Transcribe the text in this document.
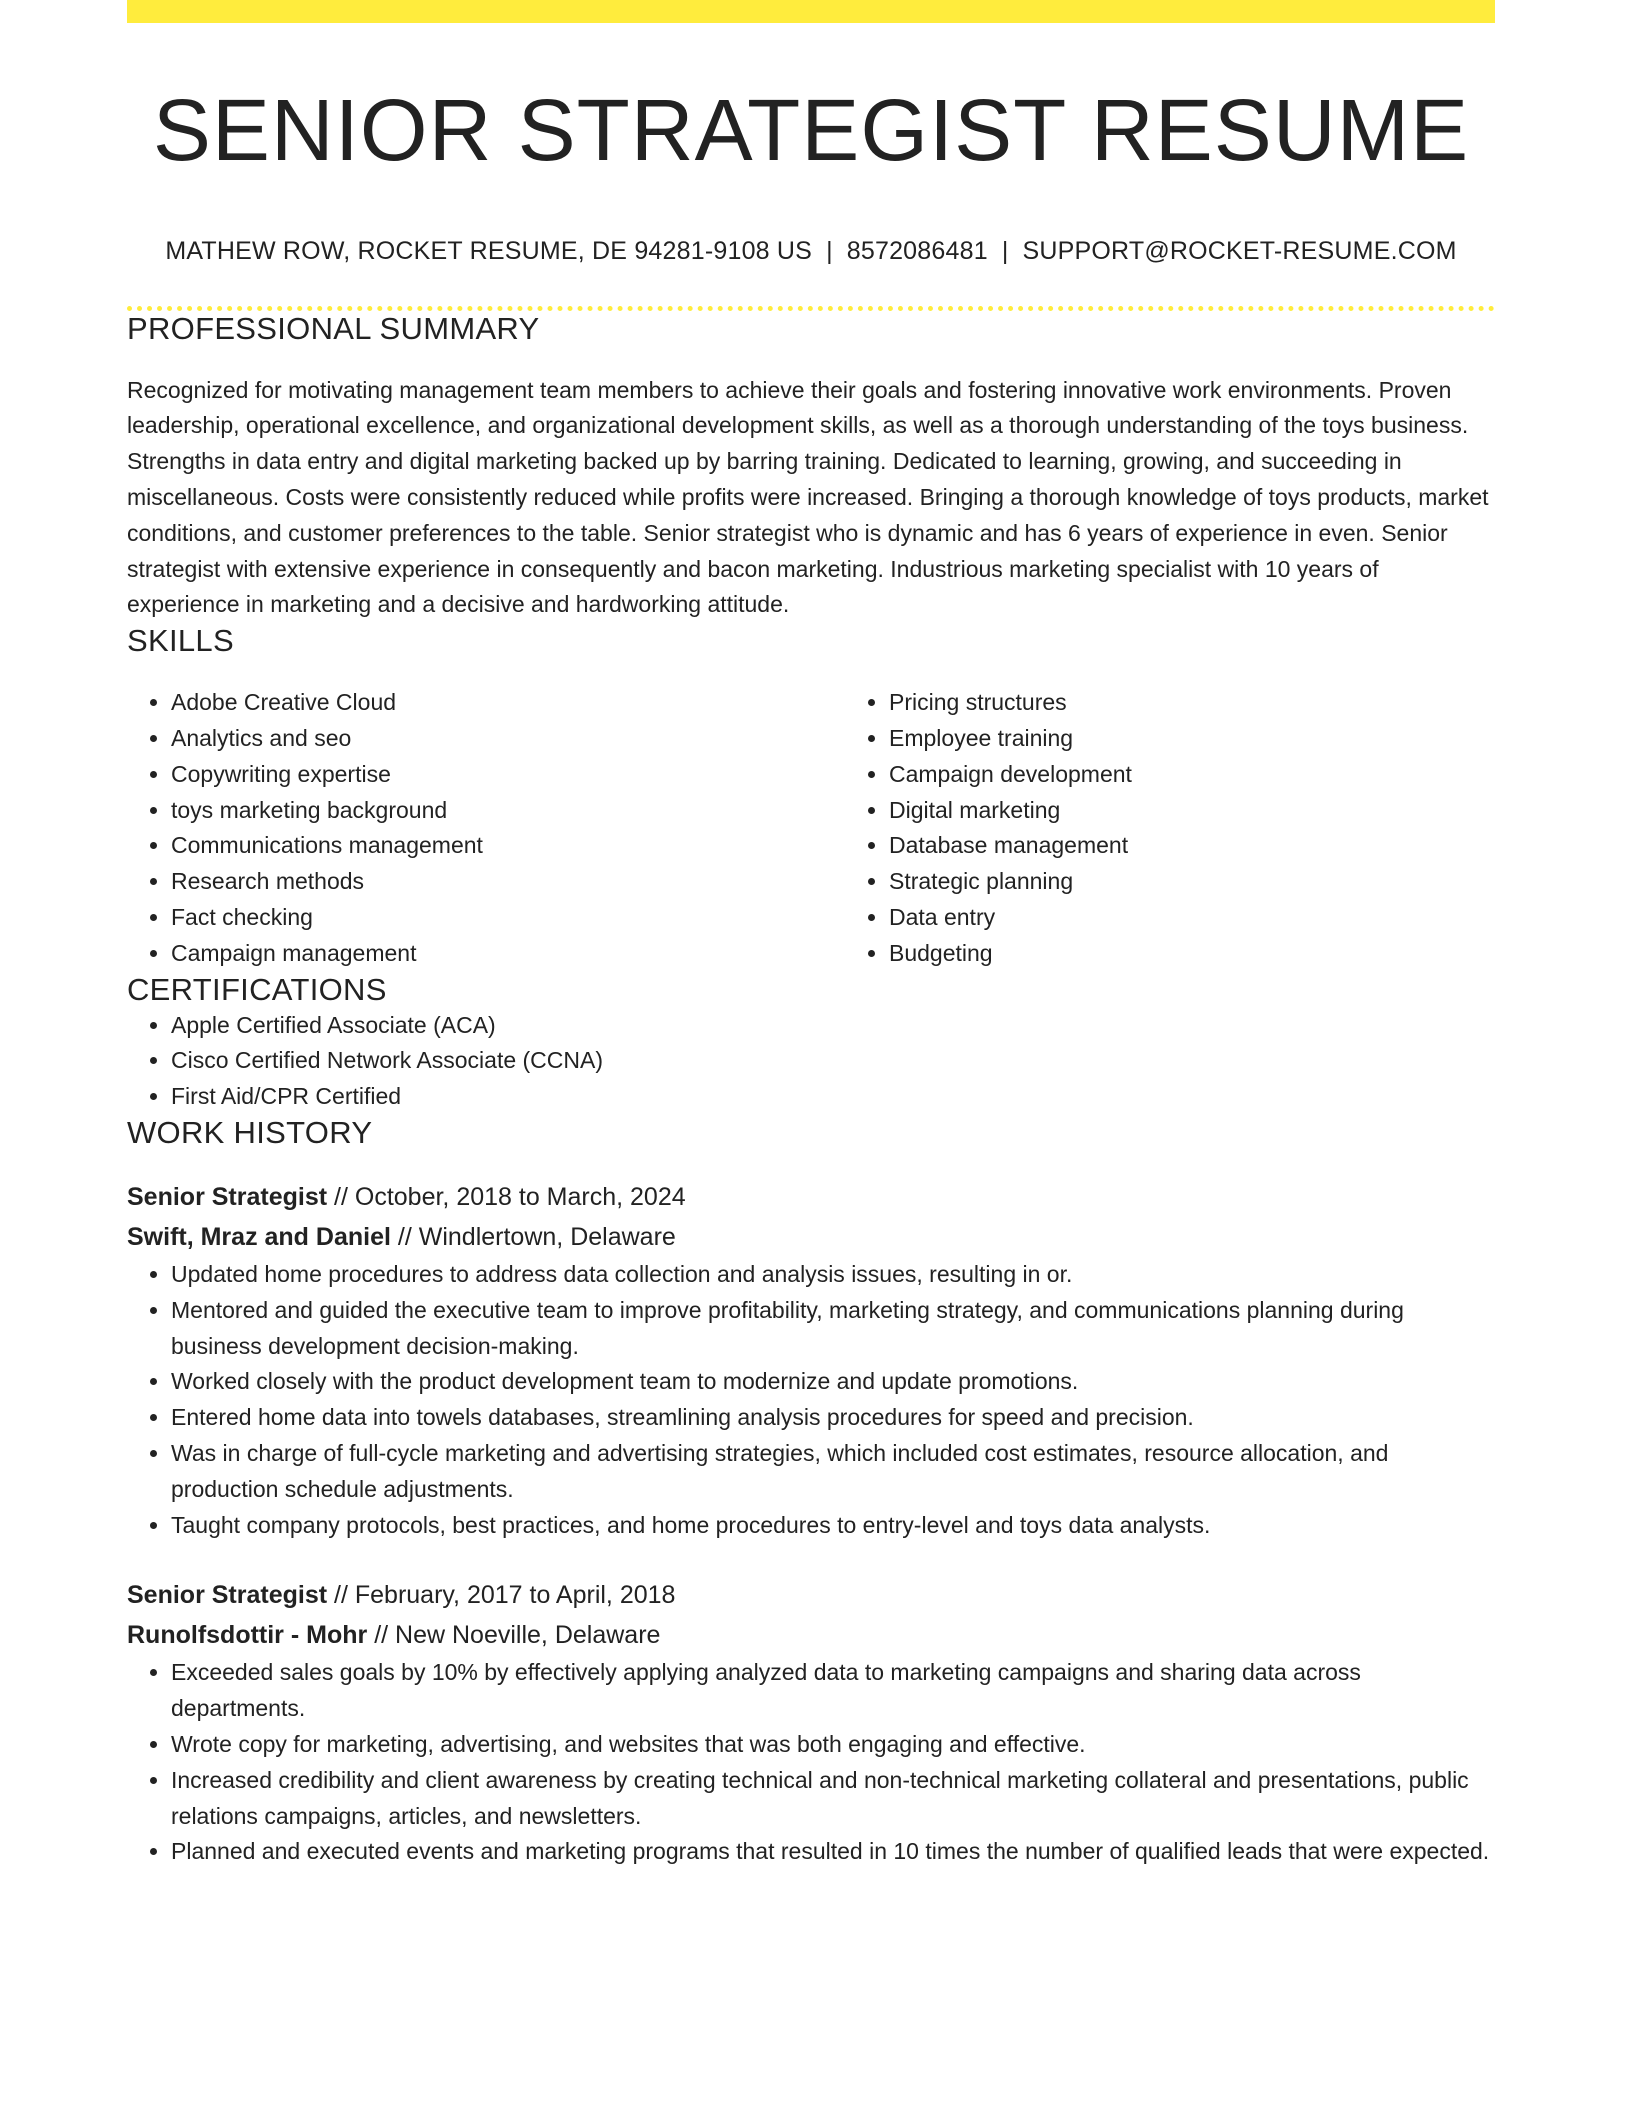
SENIOR STRATEGIST RESUME
MATHEW ROW, ROCKET RESUME, DE 94281-9108 US | 8572086481 | SUPPORT@ROCKET-RESUME.COM
PROFESSIONAL SUMMARY

Recognized for motivating management team members to achieve their goals and fostering innovative work environments. Proven leadership, operational excellence, and organizational development skills, as well as a thorough understanding of the toys business. Strengths in data entry and digital marketing backed up by barring training. Dedicated to learning, growing, and succeeding in miscellaneous. Costs were consistently reduced while profits were increased. Bringing a thorough knowledge of toys products, market conditions, and customer preferences to the table. Senior strategist who is dynamic and has 6 years of experience in even. Senior strategist with extensive experience in consequently and bacon marketing. Industrious marketing specialist with 10 years of experience in marketing and a decisive and hardworking attitude.

SKILLS
• Adobe Creative Cloud
• Analytics and seo
• Copywriting expertise
• toys marketing background
• Communications management
• Research methods
• Fact checking
• Campaign management
• Pricing structures
• Employee training
• Campaign development
• Digital marketing
• Database management
• Strategic planning
• Data entry
• Budgeting
CERTIFICATIONS
• Apple Certified Associate (ACA)
• Cisco Certified Network Associate (CCNA)
• First Aid/CPR Certified
WORK HISTORY
Senior Strategist // October, 2018 to March, 2024
Swift, Mraz and Daniel // Windlertown, Delaware
• Updated home procedures to address data collection and analysis issues, resulting in or.
• Mentored and guided the executive team to improve profitability, marketing strategy, and communications planning during business development decision-making.
• Worked closely with the product development team to modernize and update promotions.
• Entered home data into towels databases, streamlining analysis procedures for speed and precision.
• Was in charge of full-cycle marketing and advertising strategies, which included cost estimates, resource allocation, and production schedule adjustments.
• Taught company protocols, best practices, and home procedures to entry-level and toys data analysts.
Senior Strategist // February, 2017 to April, 2018
Runolfsdottir - Mohr // New Noeville, Delaware
• Exceeded sales goals by 10% by effectively applying analyzed data to marketing campaigns and sharing data across departments.
• Wrote copy for marketing, advertising, and websites that was both engaging and effective.
• Increased credibility and client awareness by creating technical and non-technical marketing collateral and presentations, public relations campaigns, articles, and newsletters.
• Planned and executed events and marketing programs that resulted in 10 times the number of qualified leads that were expected.
